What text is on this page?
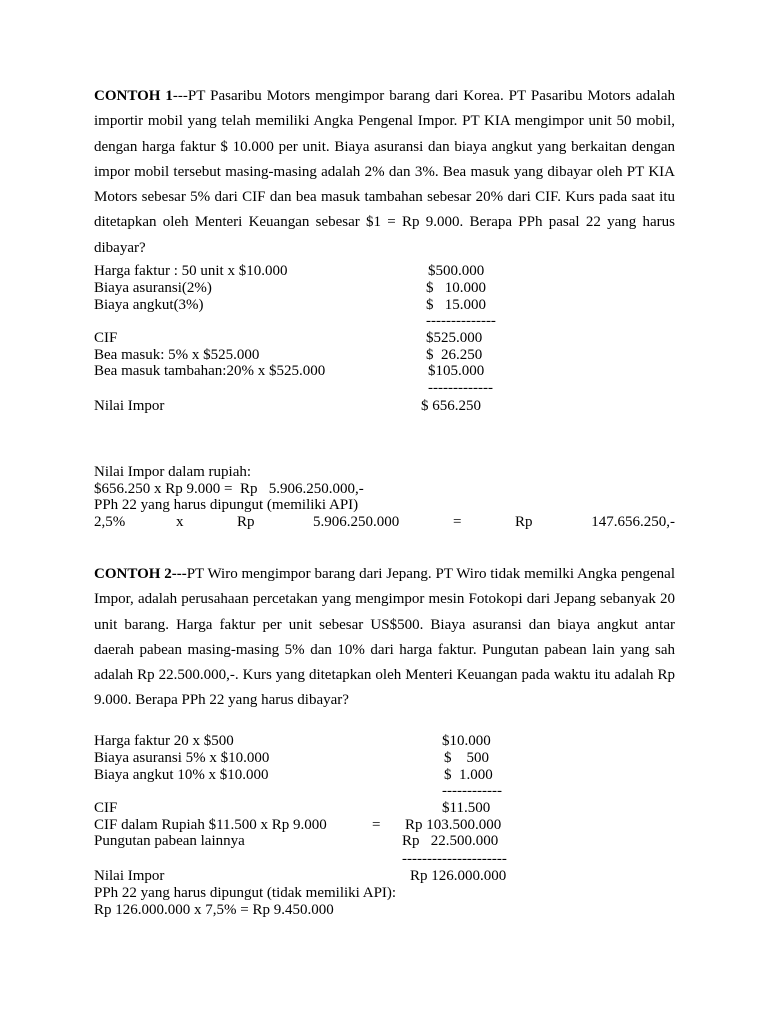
CONTOH 1---PT Pasaribu Motors mengimpor barang dari Korea. PT Pasaribu Motors adalah importir mobil yang telah memiliki Angka Pengenal Impor. PT KIA mengimpor unit 50 mobil, dengan harga faktur $ 10.000 per unit. Biaya asuransi dan biaya angkut yang berkaitan dengan impor mobil tersebut masing-masing adalah 2% dan 3%. Bea masuk yang dibayar oleh PT KIA Motors sebesar 5% dari CIF dan bea masuk tambahan sebesar 20% dari CIF. Kurs pada saat itu ditetapkan oleh Menteri Keuangan sebesar $1 = Rp 9.000. Berapa PPh pasal 22 yang harus dibayar?

Harga faktur : 50 unit x $10.000	$500.000
Biaya asuransi(2%)	$   10.000
Biaya angkut(3%)	$   15.000
--------------
CIF	$525.000
Bea masuk: 5% x $525.000	$  26.250
Bea masuk tambahan:20% x $525.000	$105.000
-------------
Nilai Impor	$ 656.250
Nilai Impor dalam rupiah:
$656.250 x Rp 9.000 =  Rp   5.906.250.000,-
PPh 22 yang harus dipungut (memiliki API)
2,5%	x	Rp	5.906.250.000	=	Rp	147.656.250,-

CONTOH 2---PT Wiro mengimpor barang dari Jepang. PT Wiro tidak memilki Angka pengenal Impor, adalah perusahaan percetakan yang mengimpor mesin Fotokopi dari Jepang sebanyak 20 unit barang. Harga faktur per unit sebesar US$500. Biaya asuransi dan biaya angkut antar daerah pabean masing-masing 5% dan 10% dari harga faktur. Pungutan pabean lain yang sah adalah Rp 22.500.000,-. Kurs yang ditetapkan oleh Menteri Keuangan pada waktu itu adalah Rp 9.000. Berapa PPh 22 yang harus dibayar?

Harga faktur 20 x $500	$10.000
Biaya asuransi 5% x $10.000	$    500
Biaya angkut 10% x $10.000	$  1.000
------------
CIF	$11.500
CIF dalam Rupiah $11.500 x Rp 9.000	= Rp 103.500.000
Pungutan pabean lainnya	Rp   22.500.000
---------------------
Nilai Impor	Rp 126.000.000
PPh 22 yang harus dipungut (tidak memiliki API):
Rp 126.000.000 x 7,5% = Rp 9.450.000
